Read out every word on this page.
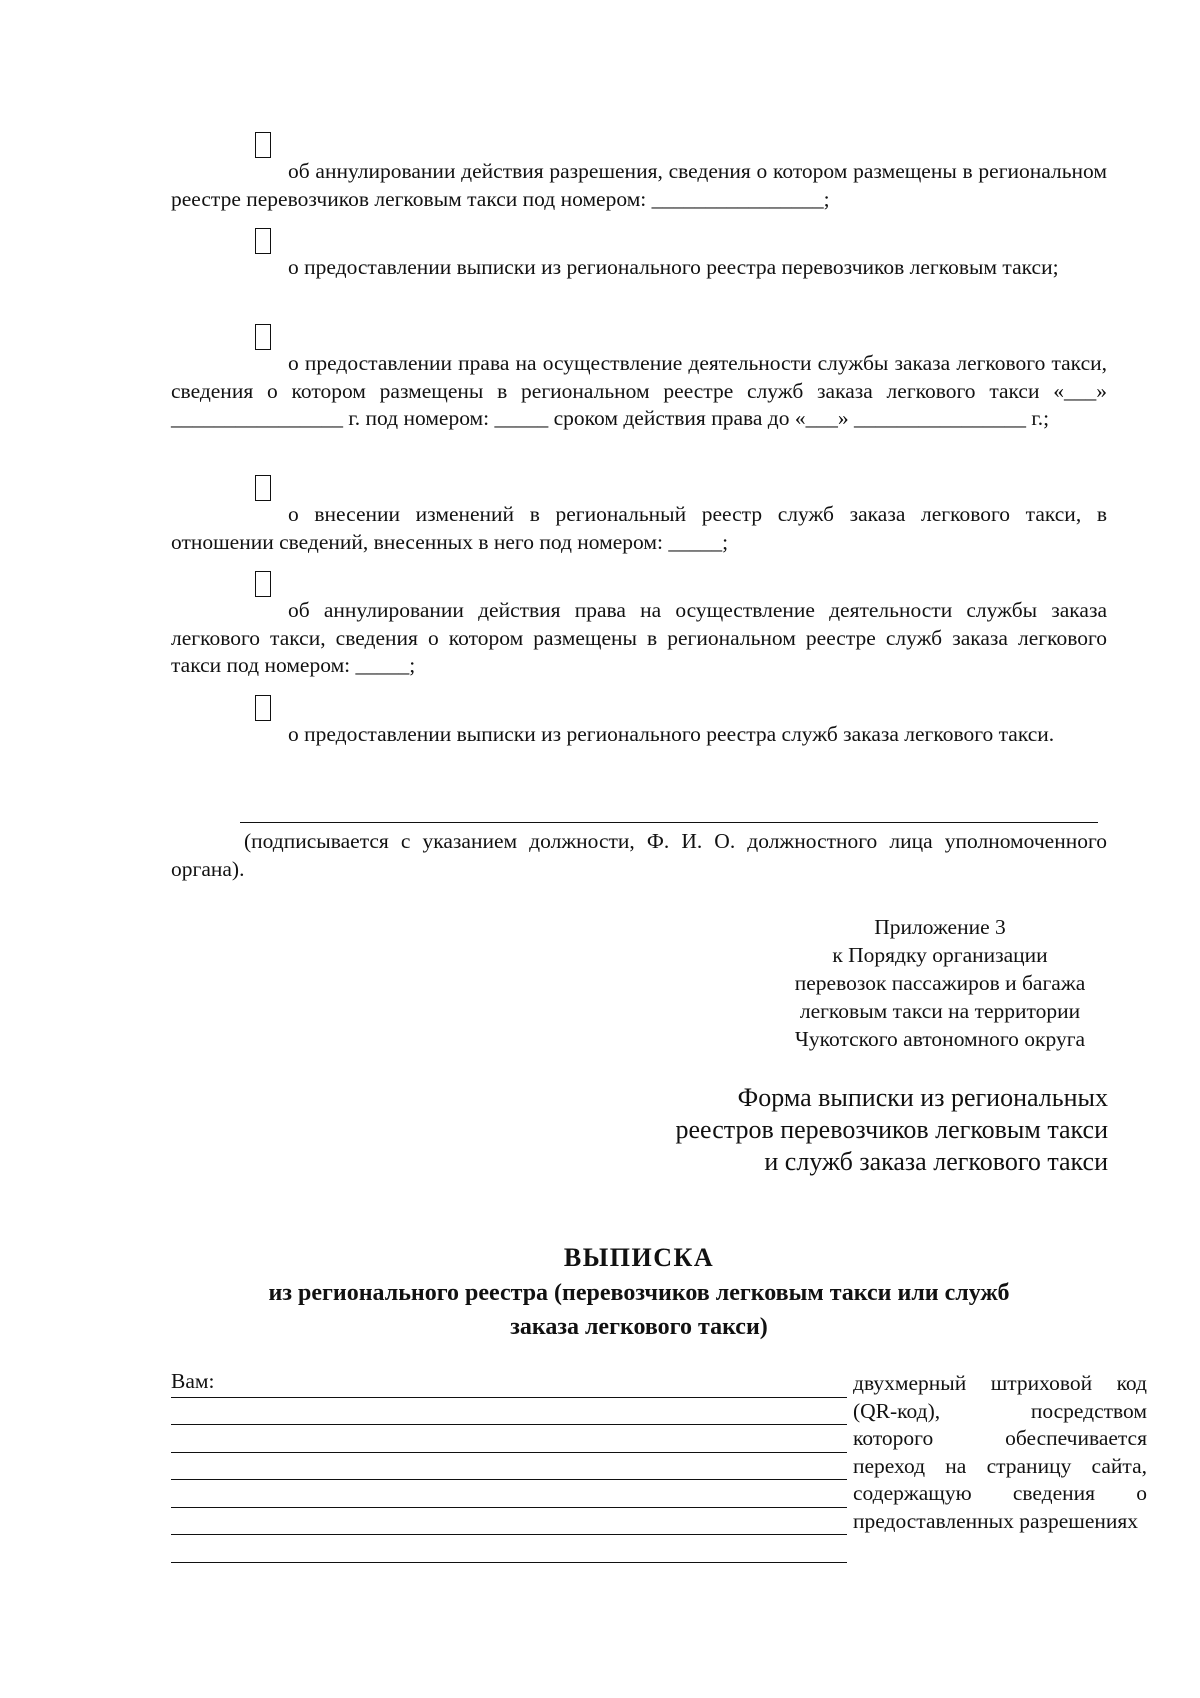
об аннулировании действия разрешения, сведения о котором размещены в региональном реестре перевозчиков легковым такси под номером: ________________;
о предоставлении выписки из регионального реестра перевозчиков легковым такси;
о предоставлении права на осуществление деятельности службы заказа легкового такси, сведения о котором размещены в региональном реестре служб заказа легкового такси «___» ________________ г. под номером: _____ сроком действия права до «___» ________________ г.;
о внесении изменений в региональный реестр служб заказа легкового такси, в отношении сведений, внесенных в него под номером: _____;
об аннулировании действия права на осуществление деятельности службы заказа легкового такси, сведения о котором размещены в региональном реестре служб заказа легкового такси под номером: _____;
о предоставлении выписки из регионального реестра служб заказа легкового такси.
(подписывается с указанием должности, Ф. И. О. должностного лица уполномоченного органа).
Приложение 3
к Порядку организации
перевозок пассажиров и багажа
легковым такси на территории
Чукотского автономного округа
Форма выписки из региональных
реестров перевозчиков легковым такси
и служб заказа легкового такси
ВЫПИСКА
из регионального реестра (перевозчиков легковым такси или служб
заказа легкового такси)
Вам:	двухмерный штриховой код (QR-код), посредством которого обеспечивается переход на страницу сайта, содержащую сведения о предоставленных разрешениях
